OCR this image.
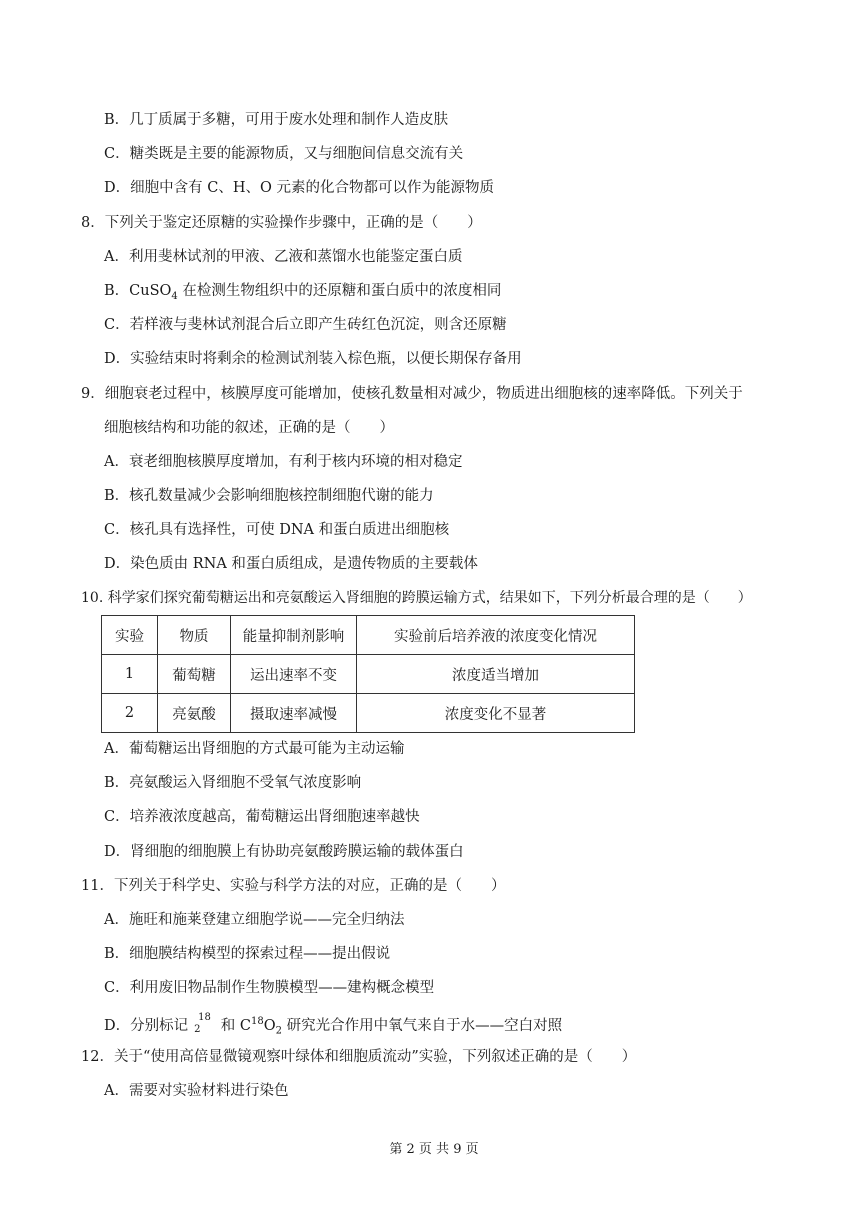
B．几丁质属于多糖，可用于废水处理和制作人造皮肤
C．糖类既是主要的能源物质，又与细胞间信息交流有关
D．细胞中含有 C、H、O 元素的化合物都可以作为能源物质
8．下列关于鉴定还原糖的实验操作步骤中，正确的是（　　）
A．利用斐林试剂的甲液、乙液和蒸馏水也能鉴定蛋白质
B．CuSO$_4$ 在检测生物组织中的还原糖和蛋白质中的浓度相同
C．若样液与斐林试剂混合后立即产生砖红色沉淀，则含还原糖
D．实验结束时将剩余的检测试剂装入棕色瓶，以便长期保存备用
9．细胞衰老过程中，核膜厚度可能增加，使核孔数量相对减少，物质进出细胞核的速率降低。下列关于
细胞核结构和功能的叙述，正确的是（　　）
A．衰老细胞核膜厚度增加，有利于核内环境的相对稳定
B．核孔数量减少会影响细胞核控制细胞代谢的能力
C．核孔具有选择性，可使 DNA 和蛋白质进出细胞核
D．染色质由 RNA 和蛋白质组成，是遗传物质的主要载体
10. 科学家们探究葡萄糖运出和亮氨酸运入肾细胞的跨膜运输方式，结果如下，下列分析最合理的是（　　）
实验	物质	能量抑制剂影响	实验前后培养液的浓度变化情况
1	葡萄糖	运出速率不变	浓度适当增加
2	亮氨酸	摄取速率减慢	浓度变化不显著
A．葡萄糖运出肾细胞的方式最可能为主动运输
B．亮氨酸运入肾细胞不受氧气浓度影响
C．培养液浓度越高，葡萄糖运出肾细胞速率越快
D．肾细胞的细胞膜上有协助亮氨酸跨膜运输的载体蛋白
11．下列关于科学史、实验与科学方法的对应，正确的是（　　）
A．施旺和施莱登建立细胞学说——完全归纳法
B．细胞膜结构模型的探索过程——提出假说
C．利用废旧物品制作生物膜模型——建构概念模型
D．分别标记
18
2 和 $C^{18}O_2$ 研究光合作用中氧气来自于水——空白对照
12．关于“使用高倍显微镜观察叶绿体和细胞质流动”实验，下列叙述正确的是（　　）
A．需要对实验材料进行染色
第 2 页 共 9 页
